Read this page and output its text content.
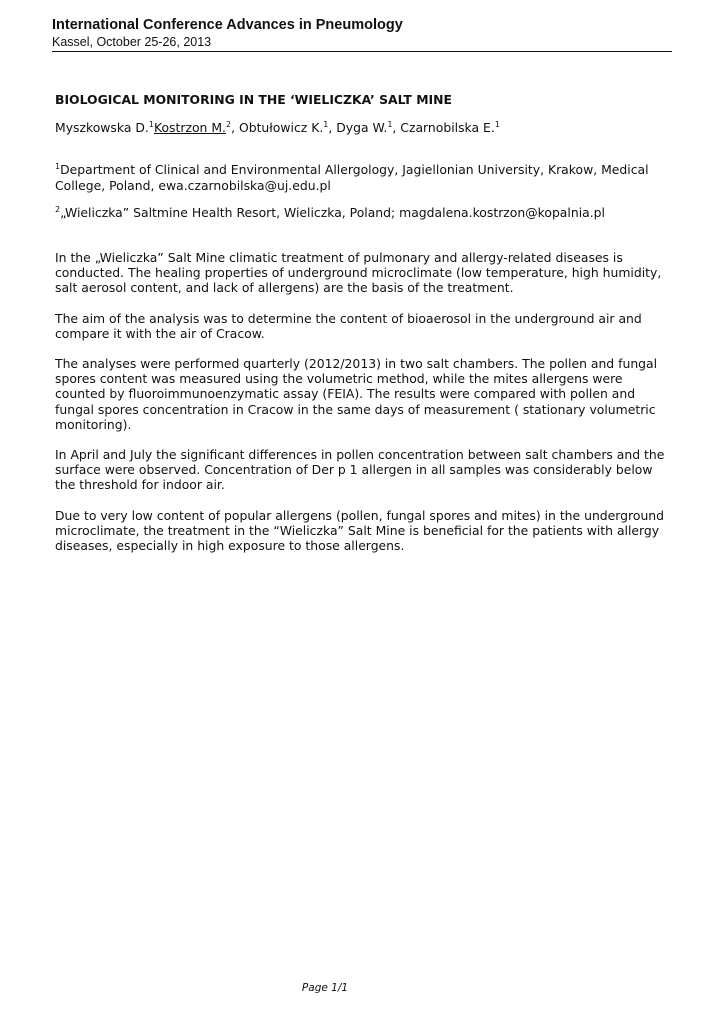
International Conference Advances in Pneumology
Kassel, October 25-26, 2013
BIOLOGICAL MONITORING IN THE ‘WIELICZKA’ SALT MINE
Myszkowska D.$^1$Kostrzon M.$^2$, Obtułowicz K.$^1$, Dyga W.$^1$, Czarnobilska E.$^1$
$^1$Department of Clinical and Environmental Allergology, Jagiellonian University, Krakow, Medical College, Poland, ewa.czarnobilska@uj.edu.pl
$^2$„Wieliczka” Saltmine Health Resort, Wieliczka, Poland; magdalena.kostrzon@kopalnia.pl
In the „Wieliczka” Salt Mine climatic treatment of pulmonary and allergy-related diseases is conducted. The healing properties of underground microclimate (low temperature, high humidity, salt aerosol content, and lack of allergens) are the basis of the treatment.
The aim of the analysis was to determine the content of bioaerosol in the underground air and compare it with the air of Cracow.
The analyses were performed quarterly (2012/2013) in two salt chambers. The pollen and fungal spores content was measured using the volumetric method, while the mites allergens were counted by fluoroimmunoenzymatic assay (FEIA). The results were compared with pollen and fungal spores concentration in Cracow in the same days of measurement ( stationary volumetric monitoring).
In April and July the significant differences in pollen concentration between salt chambers and the surface were observed. Concentration of Der p 1 allergen in all samples was considerably below the threshold for indoor air.
Due to very low content of popular allergens (pollen, fungal spores and mites) in the underground microclimate, the treatment in the “Wieliczka” Salt Mine is beneficial for the patients with allergy diseases, especially in high exposure to those allergens.
Page 1/1
